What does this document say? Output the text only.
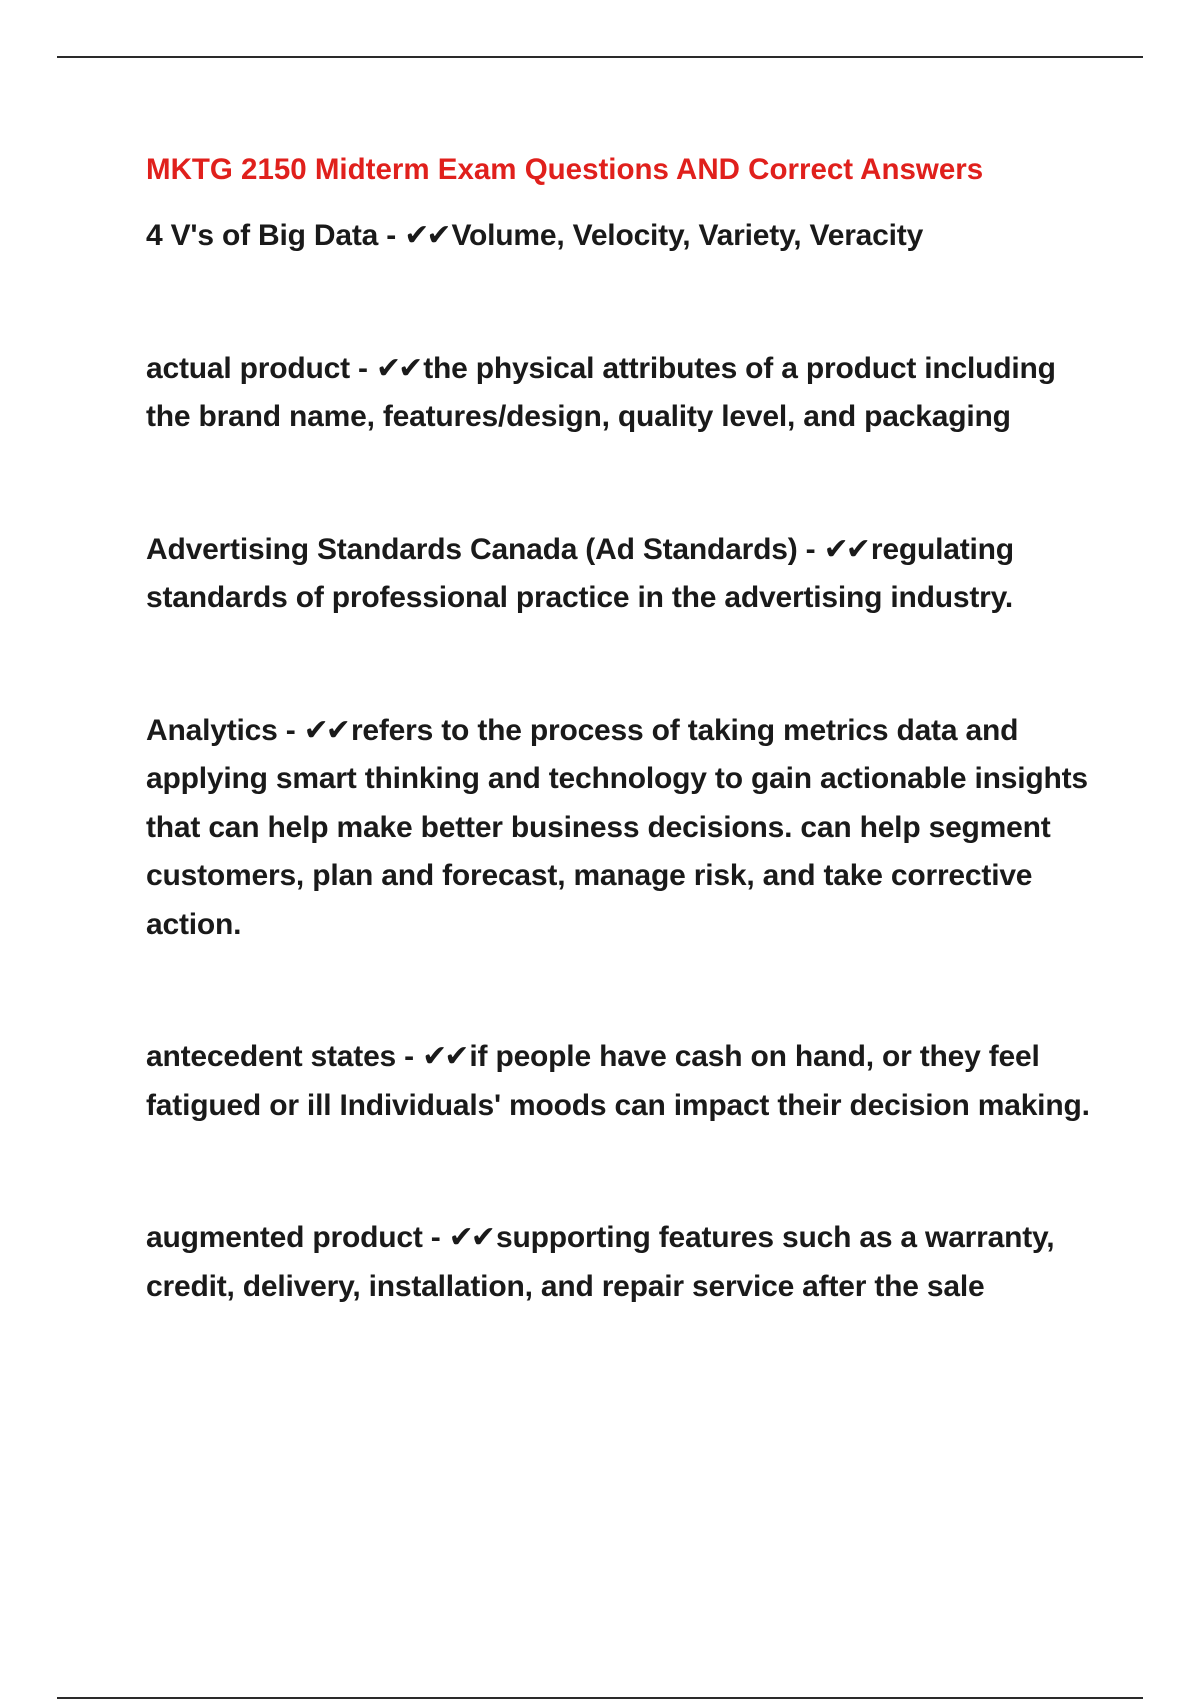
MKTG 2150 Midterm Exam Questions AND Correct Answers

4 V's of Big Data - ✔✔ Volume, Velocity, Variety, Veracity

actual product - ✔✔ the physical attributes of a product including the brand name, features/design, quality level, and packaging

Advertising Standards Canada (Ad Standards) - ✔✔ regulating standards of professional practice in the advertising industry.

Analytics - ✔✔ refers to the process of taking metrics data and applying smart thinking and technology to gain actionable insights that can help make better business decisions. can help segment customers, plan and forecast, manage risk, and take corrective action.

antecedent states - ✔✔ if people have cash on hand, or they feel fatigued or ill Individuals' moods can impact their decision making.

augmented product - ✔✔ supporting features such as a warranty, credit, delivery, installation, and repair service after the sale
